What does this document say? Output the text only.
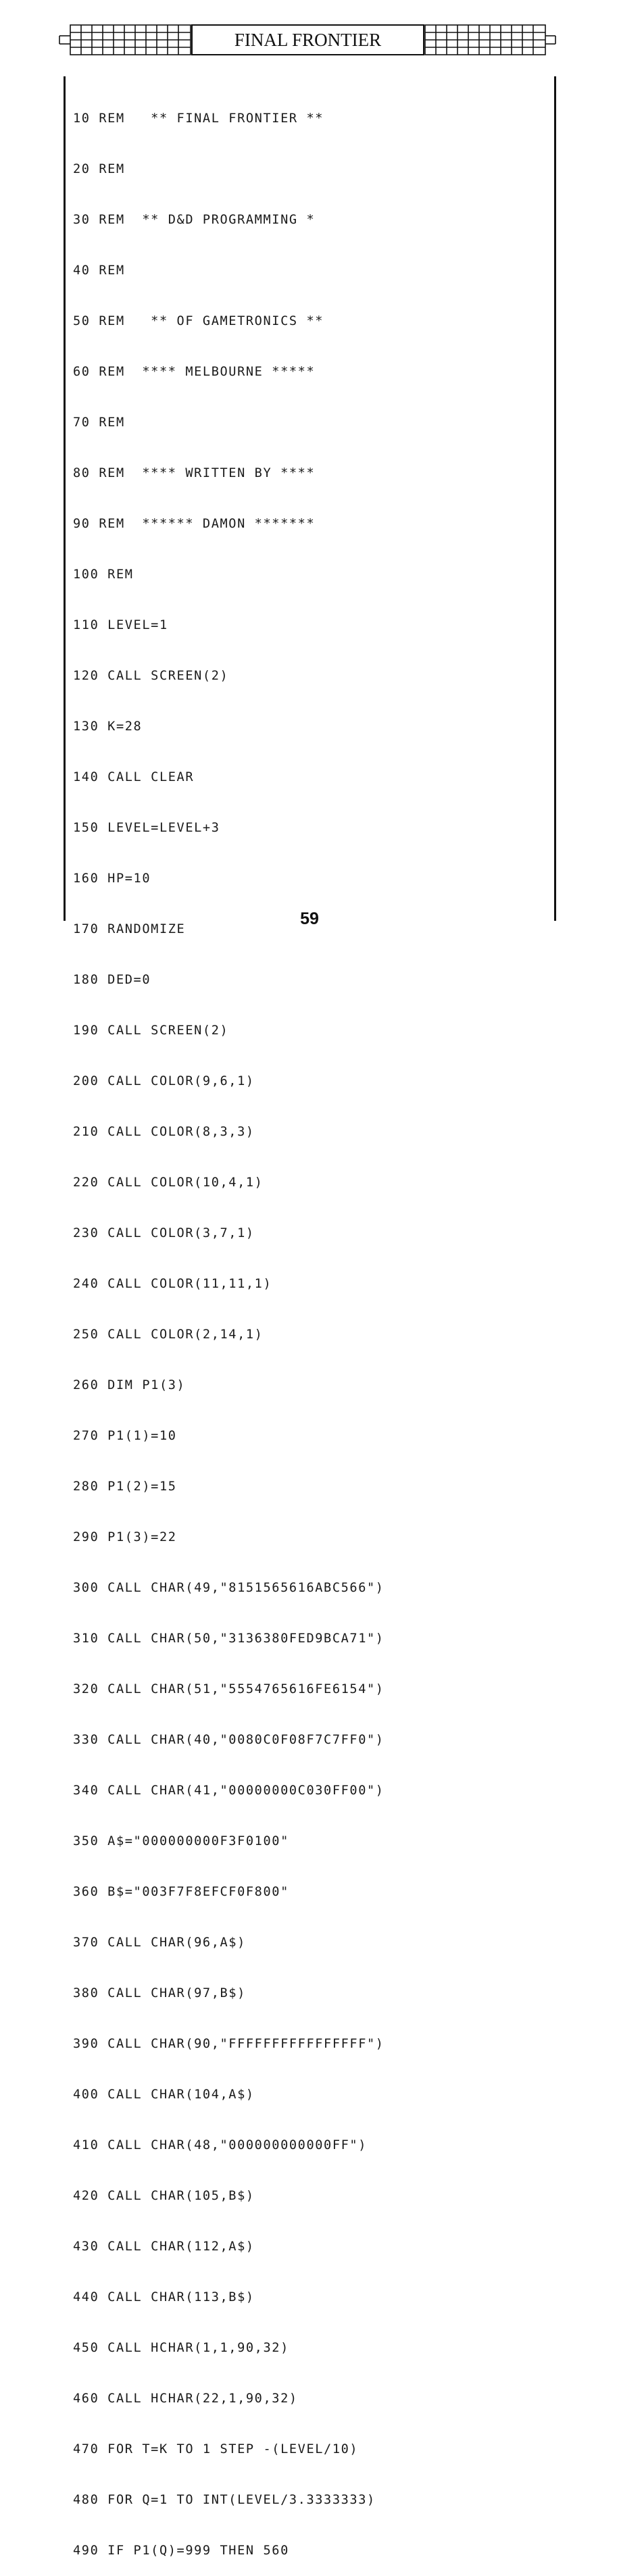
FINAL FRONTIER

10 REM   ** FINAL FRONTIER **

20 REM

30 REM  ** D&D PROGRAMMING *

40 REM

50 REM   ** OF GAMETRONICS **

60 REM  **** MELBOURNE *****

70 REM

80 REM  **** WRITTEN BY ****

90 REM  ****** DAMON *******

100 REM

110 LEVEL=1

120 CALL SCREEN(2)

130 K=28

140 CALL CLEAR

150 LEVEL=LEVEL+3

160 HP=10

170 RANDOMIZE

180 DED=0

190 CALL SCREEN(2)

200 CALL COLOR(9,6,1)

210 CALL COLOR(8,3,3)

220 CALL COLOR(10,4,1)

230 CALL COLOR(3,7,1)

240 CALL COLOR(11,11,1)

250 CALL COLOR(2,14,1)

260 DIM P1(3)

270 P1(1)=10

280 P1(2)=15

290 P1(3)=22

300 CALL CHAR(49,"8151565616ABC566")

310 CALL CHAR(50,"3136380FED9BCA71")

320 CALL CHAR(51,"5554765616FE6154")

330 CALL CHAR(40,"0080C0F08F7C7FF0")

340 CALL CHAR(41,"00000000C030FF00")

350 A$="000000000F3F0100"

360 B$="003F7F8EFCF0F800"

370 CALL CHAR(96,A$)

380 CALL CHAR(97,B$)

390 CALL CHAR(90,"FFFFFFFFFFFFFFFF")

400 CALL CHAR(104,A$)

410 CALL CHAR(48,"000000000000FF")

420 CALL CHAR(105,B$)

430 CALL CHAR(112,A$)

440 CALL CHAR(113,B$)

450 CALL HCHAR(1,1,90,32)

460 CALL HCHAR(22,1,90,32)

470 FOR T=K TO 1 STEP -(LEVEL/10)

480 FOR Q=1 TO INT(LEVEL/3.3333333)

490 IF P1(Q)=999 THEN 560

59
